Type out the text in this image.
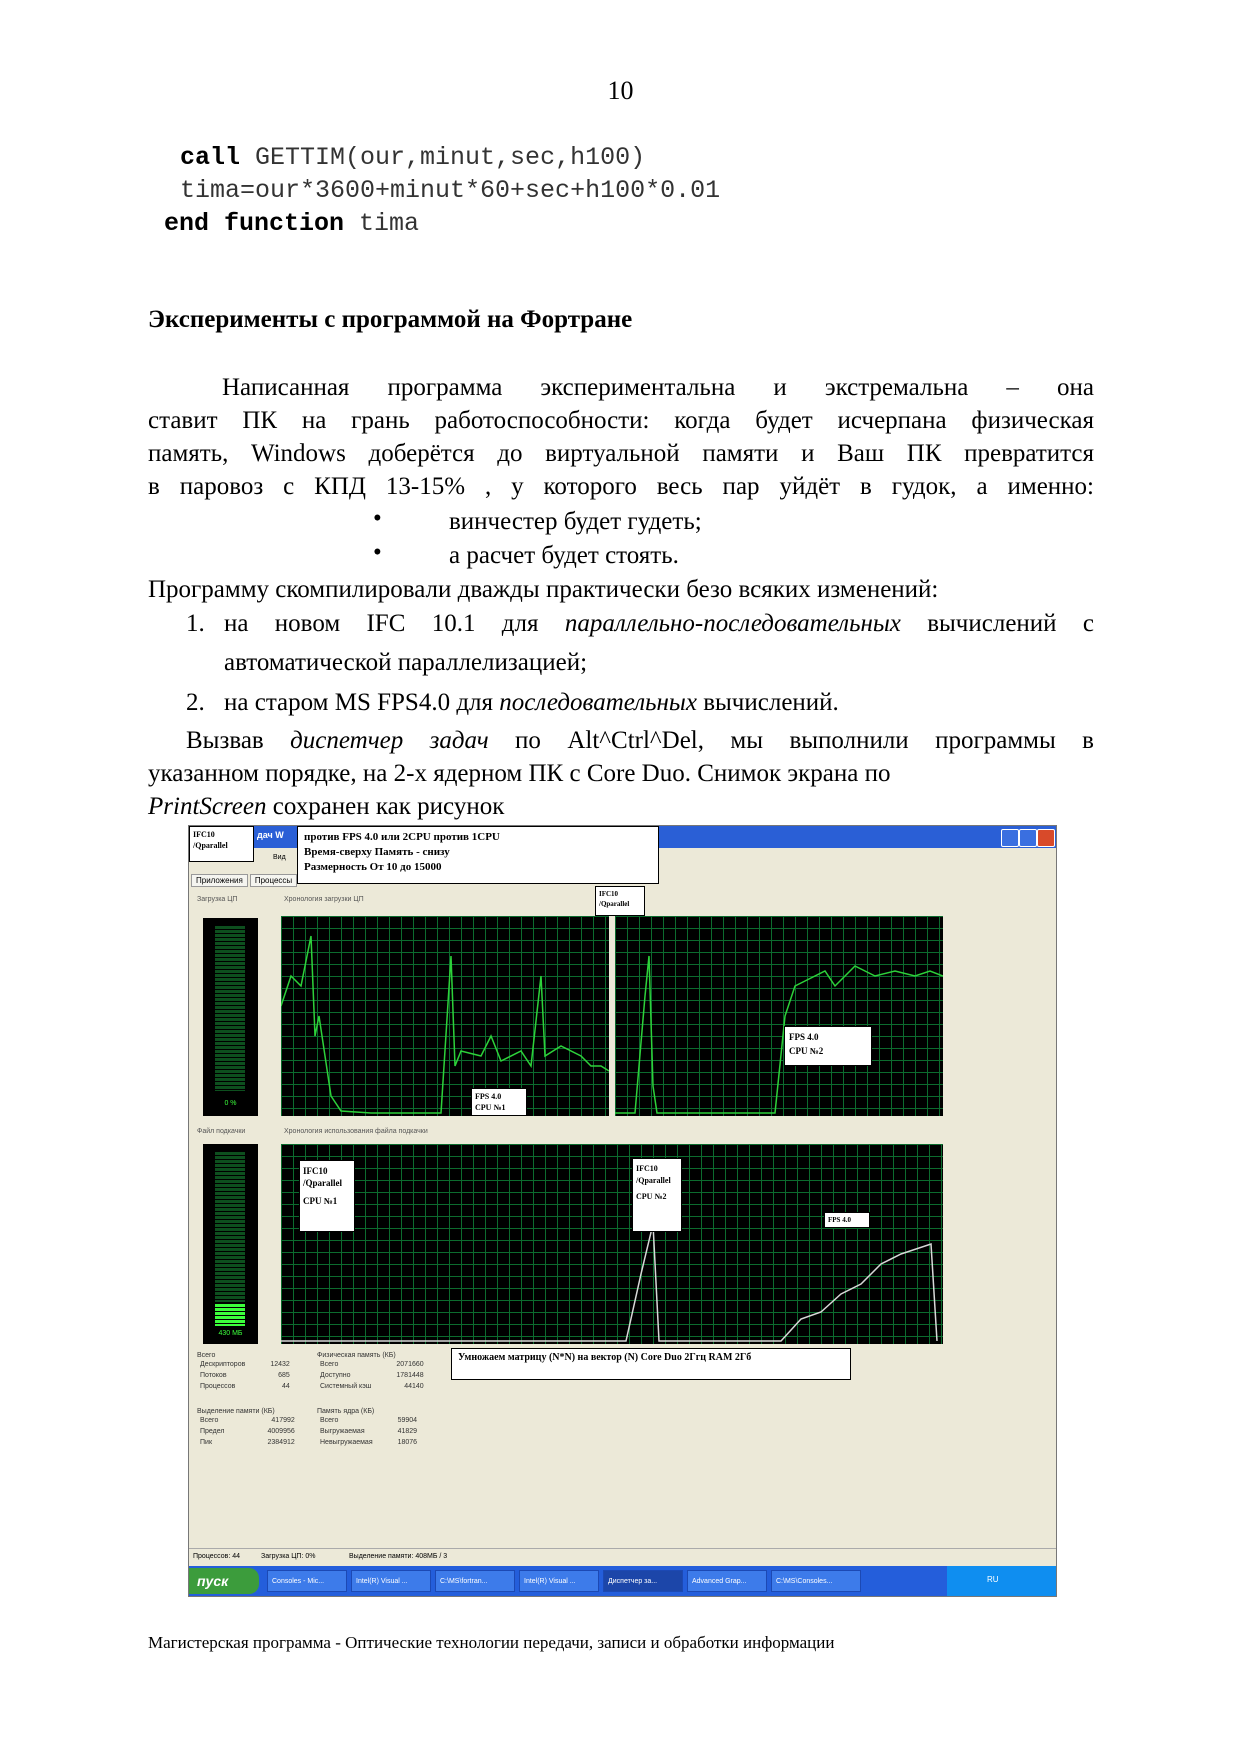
10
call GETTIM(our,minut,sec,h100)
tima=our*3600+minut*60+sec+h100*0.01
end function tima
Эксперименты с программой на Фортране
Написанная программа экспериментальна и экстремальна – она
ставит ПК на грань работоспособности: когда будет исчерпана физическая
память, Windows доберётся до виртуальной памяти и Ваш ПК превратится
в паровоз с КПД 13-15% , у которого весь пар уйдёт в гудок, а именно:
•	винчестер будет гудеть;
•	а расчет будет стоять.
Программу скомпилировали дважды практически безо всяких изменений:
1. на новом IFC 10.1 для параллельно-последовательных вычислений с
автоматической параллелизацией;
2. на старом MS FPS4.0 для последовательных вычислений.
Вызвав диспетчер задач по Alt^Ctrl^Del, мы выполнили программы в
указанном порядке, на 2-х ядерном ПК с Core Duo. Снимок экрана по
PrintScreen сохранен как рисунок
дач W
IFC10
/Qparallel
Вид
против FPS 4.0 или 2CPU против 1CPU
Время-сверху Память - снизу
Размерность От 10 до 15000
Приложения Процессы
Загрузка ЦП	Хронология загрузки ЦП
0 %
IFC10
/Qparallel
FPS 4.0
CPU №1
FPS 4.0
CPU №2
Файл подкачки	Хронология использования файла подкачки
430 МБ
IFC10
/Qparallel
CPU №1
IFC10
/Qparallel
CPU №2
FPS 4.0
Умножаем матрицу (N*N) на вектор (N) Core Duo 2Ггц RAM 2Гб
Всего
Дескрипторов	12432
Потоков	685
Процессов	44
Физическая память (КБ)
Всего	2071660
Доступно	1781448
Системный кэш	44140
Выделение памяти (КБ)
Всего	417992
Предел	4009956
Пик	2384912
Память ядра (КБ)
Всего	59904
Выгружаемая	41829
Невыгружаемая	18076
Процессов: 44	Загрузка ЦП: 0%	Выделение памяти: 408МБ / 3
пуск	Consoles - Mic...	Intel(R) Visual ...	C:\MS\fortran...	Intel(R) Visual ...	Диспетчер за...	Advanced Grap...	C:\MS\Consoles...	RU
Магистерская программа - Оптические технологии передачи, записи и обработки информации
